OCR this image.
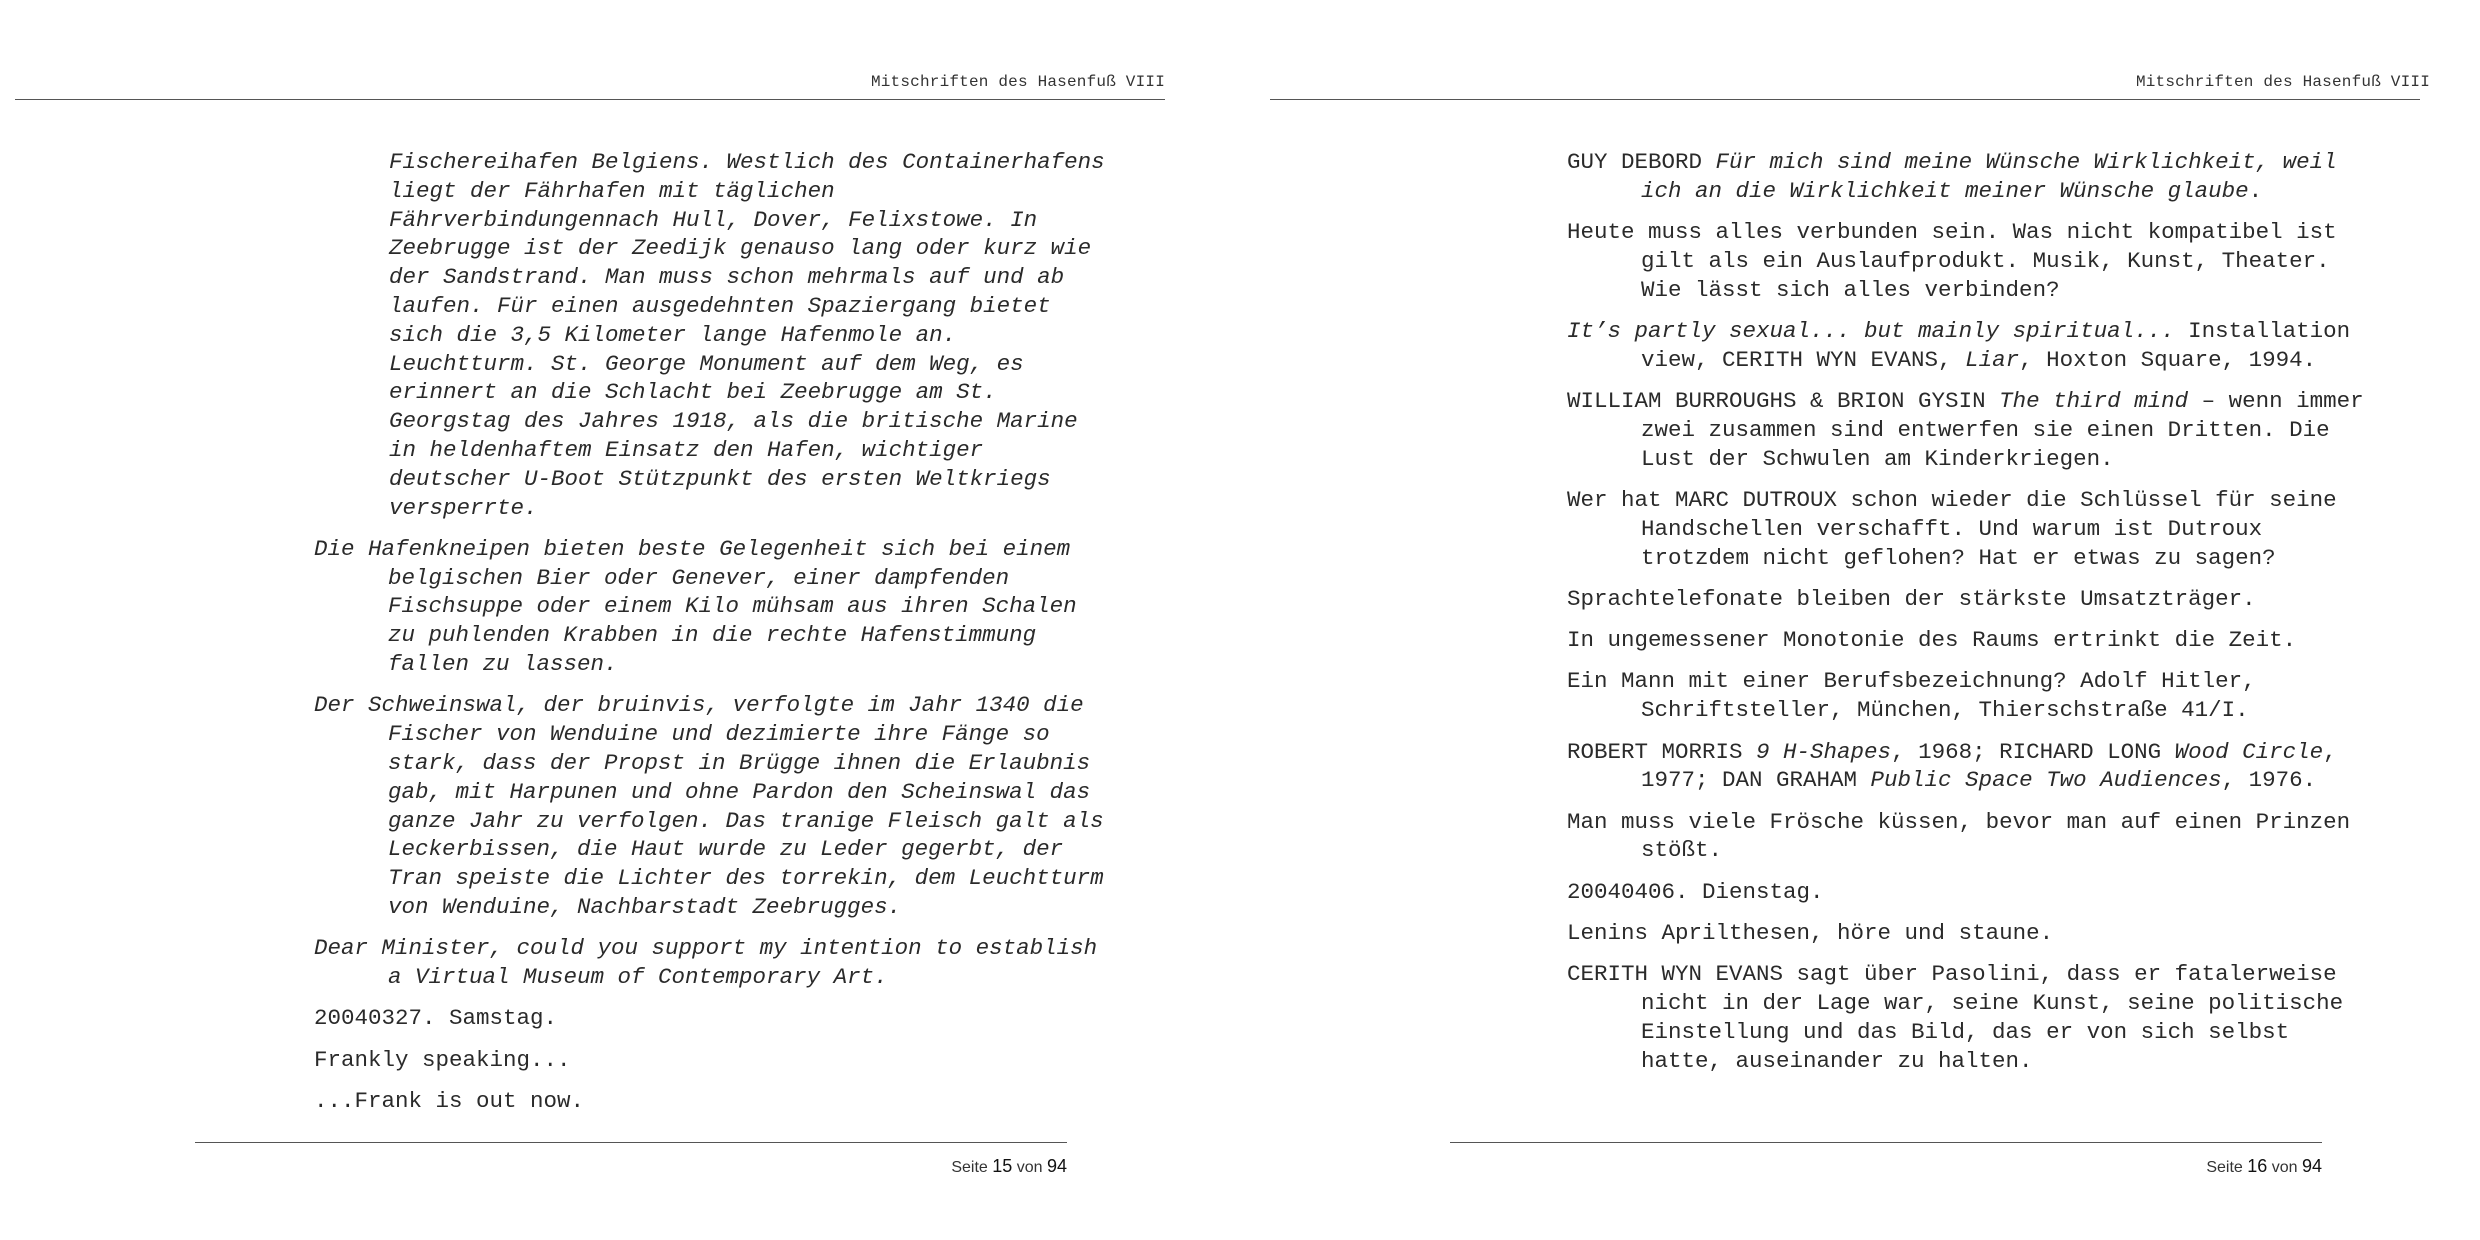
Mitschriften des Hasenfuß VIII

Fischereihafen Belgiens. Westlich des Containerhafens liegt der Fährhafen mit täglichen Fährverbindungennach Hull, Dover, Felixstowe. In Zeebrugge ist der Zeedijk genauso lang oder kurz wie der Sandstrand. Man muss schon mehrmals auf und ab laufen. Für einen ausgedehnten Spaziergang bietet sich die 3,5 Kilometer lange Hafenmole an. Leuchtturm. St. George Monument auf dem Weg, es erinnert an die Schlacht bei Zeebrugge am St. Georgstag des Jahres 1918, als die britische Marine in heldenhaftem Einsatz den Hafen, wichtiger deutscher U-Boot Stützpunkt des ersten Weltkriegs versperrte.

Die Hafenkneipen bieten beste Gelegenheit sich bei einem belgischen Bier oder Genever, einer dampfenden Fischsuppe oder einem Kilo mühsam aus ihren Schalen zu puhlenden Krabben in die rechte Hafenstimmung fallen zu lassen.

Der Schweinswal, der bruinvis, verfolgte im Jahr 1340 die Fischer von Wenduine und dezimierte ihre Fänge so stark, dass der Propst in Brügge ihnen die Erlaubnis gab, mit Harpunen und ohne Pardon den Scheinswal das ganze Jahr zu verfolgen. Das tranige Fleisch galt als Leckerbissen, die Haut wurde zu Leder gegerbt, der Tran speiste die Lichter des torrekin, dem Leuchtturm von Wenduine, Nachbarstadt Zeebrugges.

Dear Minister, could you support my intention to establish a Virtual Museum of Contemporary Art.

20040327. Samstag.

Frankly speaking...

...Frank is out now.

Seite 15 von 94
Mitschriften des Hasenfuß VIII

GUY DEBORD Für mich sind meine Wünsche Wirklichkeit, weil ich an die Wirklichkeit meiner Wünsche glaube.

Heute muss alles verbunden sein. Was nicht kompatibel ist gilt als ein Auslaufprodukt. Musik, Kunst, Theater. Wie lässt sich alles verbinden?

It’s partly sexual... but mainly spiritual... Installation view, CERITH WYN EVANS, Liar, Hoxton Square, 1994.

WILLIAM BURROUGHS & BRION GYSIN The third mind – wenn immer zwei zusammen sind entwerfen sie einen Dritten. Die Lust der Schwulen am Kinderkriegen.

Wer hat MARC DUTROUX schon wieder die Schlüssel für seine Handschellen verschafft. Und warum ist Dutroux trotzdem nicht geflohen? Hat er etwas zu sagen?

Sprachtelefonate bleiben der stärkste Umsatzträger.

In ungemessener Monotonie des Raums ertrinkt die Zeit.

Ein Mann mit einer Berufsbezeichnung? Adolf Hitler, Schriftsteller, München, Thierschstraße 41/I.

ROBERT MORRIS 9 H-Shapes, 1968; RICHARD LONG Wood Circle, 1977; DAN GRAHAM Public Space Two Audiences, 1976.

Man muss viele Frösche küssen, bevor man auf einen Prinzen stößt.

20040406. Dienstag.

Lenins Aprilthesen, höre und staune.

CERITH WYN EVANS sagt über Pasolini, dass er fatalerweise nicht in der Lage war, seine Kunst, seine politische Einstellung und das Bild, das er von sich selbst hatte, auseinander zu halten.

Seite 16 von 94
